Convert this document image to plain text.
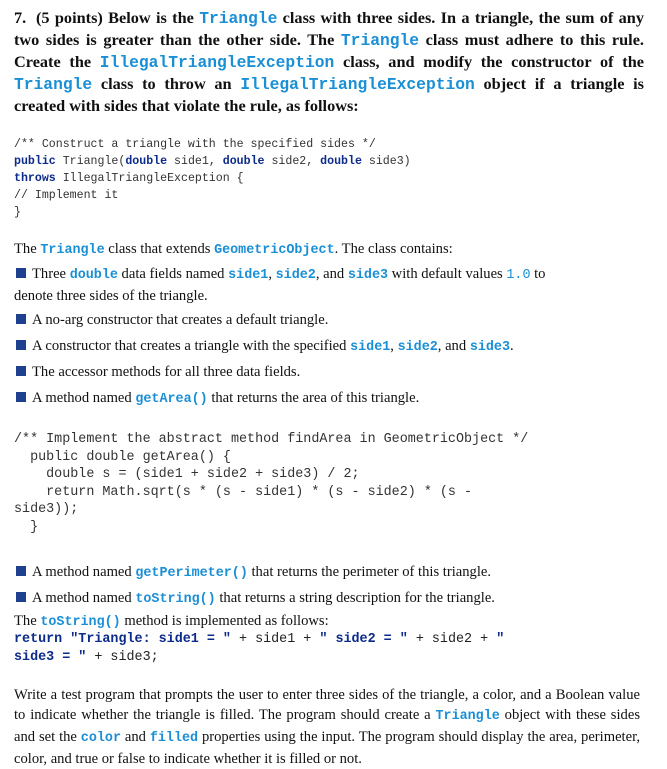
7. (5 points) Below is the Triangle class with three sides. In a triangle, the sum of any two sides is greater than the other side. The Triangle class must adhere to this rule. Create the IllegalTriangleException class, and modify the constructor of the Triangle class to throw an IllegalTriangleException object if a triangle is created with sides that violate the rule, as follows:
/** Construct a triangle with the specified sides */
public Triangle(double side1, double side2, double side3)
throws IllegalTriangleException {
// Implement it
}
The Triangle class that extends GeometricObject. The class contains:
Three double data fields named side1, side2, and side3 with default values 1.0 to
denote three sides of the triangle.
A no-arg constructor that creates a default triangle.
A constructor that creates a triangle with the specified side1, side2, and side3.
The accessor methods for all three data fields.
A method named getArea() that returns the area of this triangle.
/** Implement the abstract method findArea in GeometricObject */
public double getArea() {
double s = (side1 + side2 + side3) / 2;
return Math.sqrt(s * (s - side1) * (s - side2) * (s -
side3));
}
A method named getPerimeter() that returns the perimeter of this triangle.
A method named toString() that returns a string description for the triangle.
The toString() method is implemented as follows:
return "Triangle: side1 = " + side1 + " side2 = " + side2 + "
side3 = " + side3;
Write a test program that prompts the user to enter three sides of the triangle, a color, and a Boolean value to indicate whether the triangle is filled. The program should create a Triangle object with these sides and set the color and filled properties using the input. The program should display the area, perimeter, color, and true or false to indicate whether it is filled or not.
